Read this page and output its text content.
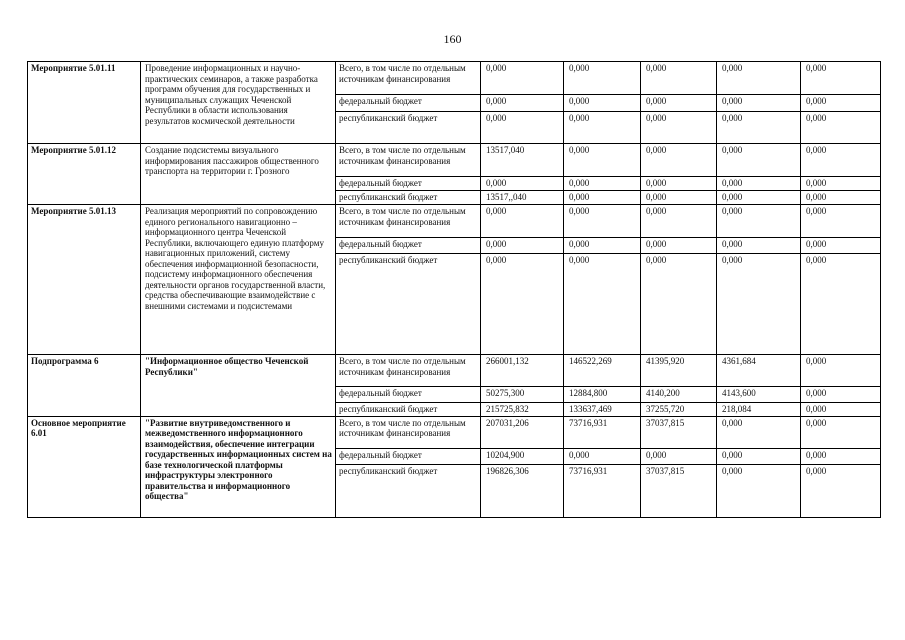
160
Мероприятие 5.01.11	Проведение информационных и научно-практических семинаров, а также разработка программ обучения для государственных и муниципальных служащих Чеченской Республики в области использования результатов космической деятельности	Всего, в том числе по отдельным источникам финансирования	0,000	0,000	0,000	0,000	0,000
		федеральный бюджет	0,000	0,000	0,000	0,000	0,000
		республиканский бюджет	0,000	0,000	0,000	0,000	0,000
Мероприятие 5.01.12	Создание подсистемы визуального информирования пассажиров общественного транспорта на территории г. Грозного	Всего, в том числе по отдельным источникам финансирования	13517,040	0,000	0,000	0,000	0,000
		федеральный бюджет	0,000	0,000	0,000	0,000	0,000
		республиканский бюджет	13517,,040	0,000	0,000	0,000	0,000
Мероприятие 5.01.13	Реализация мероприятий по сопровождению единого регионального навигационно – информационного центра Чеченской Республики, включающего единую платформу навигационных приложений, систему обеспечения информационной безопасности, подсистему информационного обеспечения деятельности органов государственной власти, средства обеспечивающие взаимодействие с внешними системами и подсистемами	Всего, в том числе по отдельным источникам финансирования	0,000	0,000	0,000	0,000	0,000
		федеральный бюджет	0,000	0,000	0,000	0,000	0,000
		республиканский бюджет	0,000	0,000	0,000	0,000	0,000
Подпрограмма 6	"Информационное общество Чеченской Республики"	Всего, в том числе по отдельным источникам финансирования	266001,132	146522,269	41395,920	4361,684	0,000
		федеральный бюджет	50275,300	12884,800	4140,200	4143,600	0,000
		республиканский бюджет	215725,832	133637,469	37255,720	218,084	0,000
Основное мероприятие 6.01	"Развитие внутриведомственного и межведомственного информационного взаимодействия, обеспечение интеграции государственных информационных систем на базе технологической платформы инфраструктуры электронного правительства и информационного общества"	Всего, в том числе по отдельным источникам финансирования	207031,206	73716,931	37037,815	0,000	0,000
		федеральный бюджет	10204,900	0,000	0,000	0,000	0,000
		республиканский бюджет	196826,306	73716,931	37037,815	0,000	0,000
